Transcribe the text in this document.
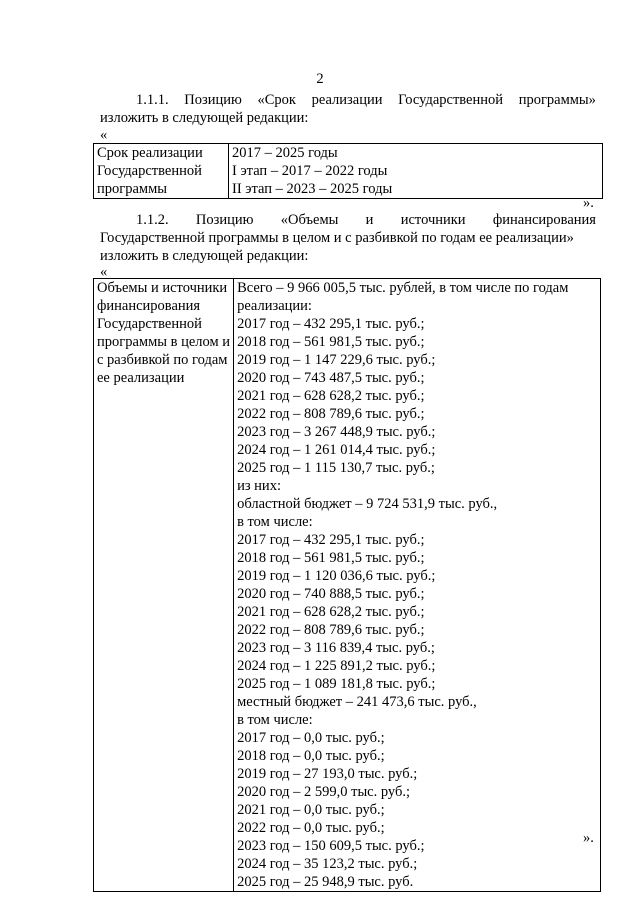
2
1.1.1. Позицию «Срок реализации Государственной программы»
изложить в следующей редакции:
«
Срок реализации
Государственной
программы

2017 – 2025 годы
I этап – 2017 – 2022 годы
II этап – 2023 – 2025 годы
».
1.1.2. Позицию «Объемы и источники финансирования
Государственной программы в целом и с разбивкой по годам ее реализации»
изложить в следующей редакции:
«
Объемы и источники
финансирования
Государственной
программы в целом и
с разбивкой по годам
ее реализации

Всего – 9 966 005,5 тыс. рублей, в том числе по годам
реализации:
2017 год – 432 295,1 тыс. руб.;
2018 год – 561 981,5 тыс. руб.;
2019 год – 1 147 229,6 тыс. руб.;
2020 год – 743 487,5 тыс. руб.;
2021 год – 628 628,2 тыс. руб.;
2022 год – 808 789,6 тыс. руб.;
2023 год – 3 267 448,9 тыс. руб.;
2024 год – 1 261 014,4 тыс. руб.;
2025 год – 1 115 130,7 тыс. руб.;
из них:
областной бюджет – 9 724 531,9 тыс. руб.,
в том числе:
2017 год – 432 295,1 тыс. руб.;
2018 год – 561 981,5 тыс. руб.;
2019 год – 1 120 036,6 тыс. руб.;
2020 год – 740 888,5 тыс. руб.;
2021 год – 628 628,2 тыс. руб.;
2022 год – 808 789,6 тыс. руб.;
2023 год – 3 116 839,4 тыс. руб.;
2024 год – 1 225 891,2 тыс. руб.;
2025 год – 1 089 181,8 тыс. руб.;
местный бюджет – 241 473,6 тыс. руб.,
в том числе:
2017 год – 0,0 тыс. руб.;
2018 год – 0,0 тыс. руб.;
2019 год – 27 193,0 тыс. руб.;
2020 год – 2 599,0 тыс. руб.;
2021 год – 0,0 тыс. руб.;
2022 год – 0,0 тыс. руб.;
2023 год – 150 609,5 тыс. руб.;
2024 год – 35 123,2 тыс. руб.;
2025 год – 25 948,9 тыс. руб.
».
